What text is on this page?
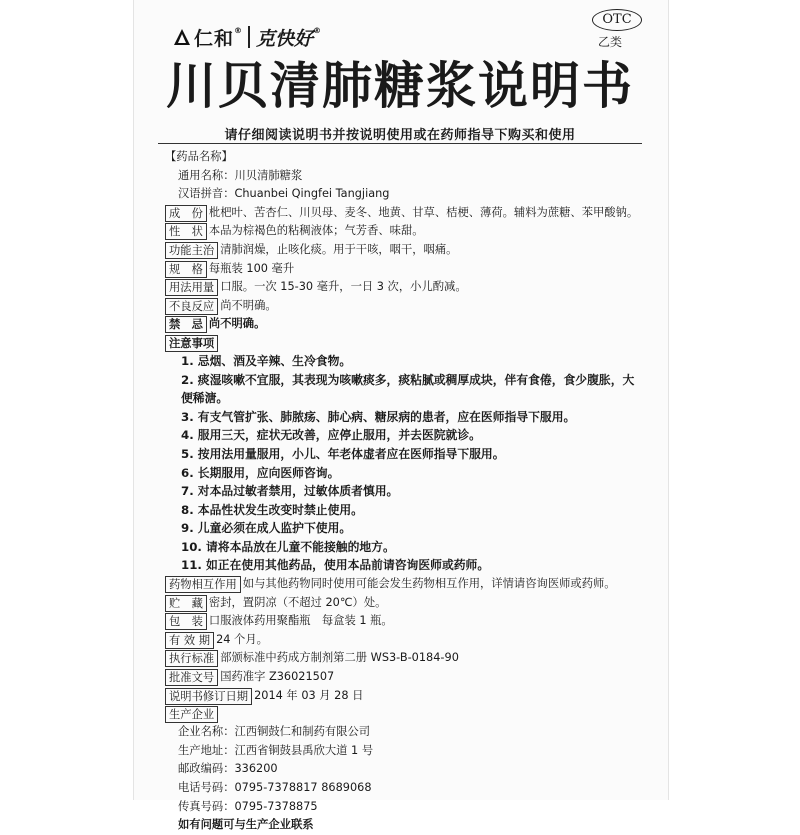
仁和 ® 克快好 ®
OTC
乙类
川贝清肺糖浆说明书
请仔细阅读说明书并按说明使用或在药师指导下购买和使用
【药品名称】
通用名称：川贝清肺糖浆
汉语拼音：Chuanbei Qingfei Tangjiang
成　份 枇杷叶、苦杏仁、川贝母、麦冬、地黄、甘草、桔梗、薄荷。辅料为蔗糖、苯甲酸钠。
性　状 本品为棕褐色的粘稠液体；气芳香、味甜。
功能主治 清肺润燥，止咳化痰。用于干咳，咽干，咽痛。
规　格 每瓶装 100 毫升
用法用量 口服。一次 15-30 毫升，一日 3 次，小儿酌减。
不良反应 尚不明确。
禁　忌 尚不明确。
注意事项
1. 忌烟、酒及辛辣、生冷食物。
2. 痰湿咳嗽不宜服，其表现为咳嗽痰多，痰粘腻或稠厚成块，伴有食倦，食少腹胀，大便稀溏。
3. 有支气管扩张、肺脓疡、肺心病、糖尿病的患者，应在医师指导下服用。
4. 服用三天，症状无改善，应停止服用，并去医院就诊。
5. 按用法用量服用，小儿、年老体虚者应在医师指导下服用。
6. 长期服用，应向医师咨询。
7. 对本品过敏者禁用，过敏体质者慎用。
8. 本品性状发生改变时禁止使用。
9. 儿童必须在成人监护下使用。
10. 请将本品放在儿童不能接触的地方。
11. 如正在使用其他药品，使用本品前请咨询医师或药师。
药物相互作用 如与其他药物同时使用可能会发生药物相互作用，详情请咨询医师或药师。
贮　藏 密封，置阴凉（不超过 20℃）处。
包　装 口服液体药用聚酯瓶　每盒装 1 瓶。
有 效 期 24 个月。
执行标准 部颁标准中药成方制剂第二册 WS3-B-0184-90
批准文号 国药准字 Z36021507
说明书修订日期 2014 年 03 月 28 日
生产企业
企业名称：江西铜鼓仁和制药有限公司
生产地址：江西省铜鼓县禹欣大道 1 号
邮政编码：336200
电话号码：0795-7378817 8689068
传真号码：0795-7378875
如有问题可与生产企业联系
